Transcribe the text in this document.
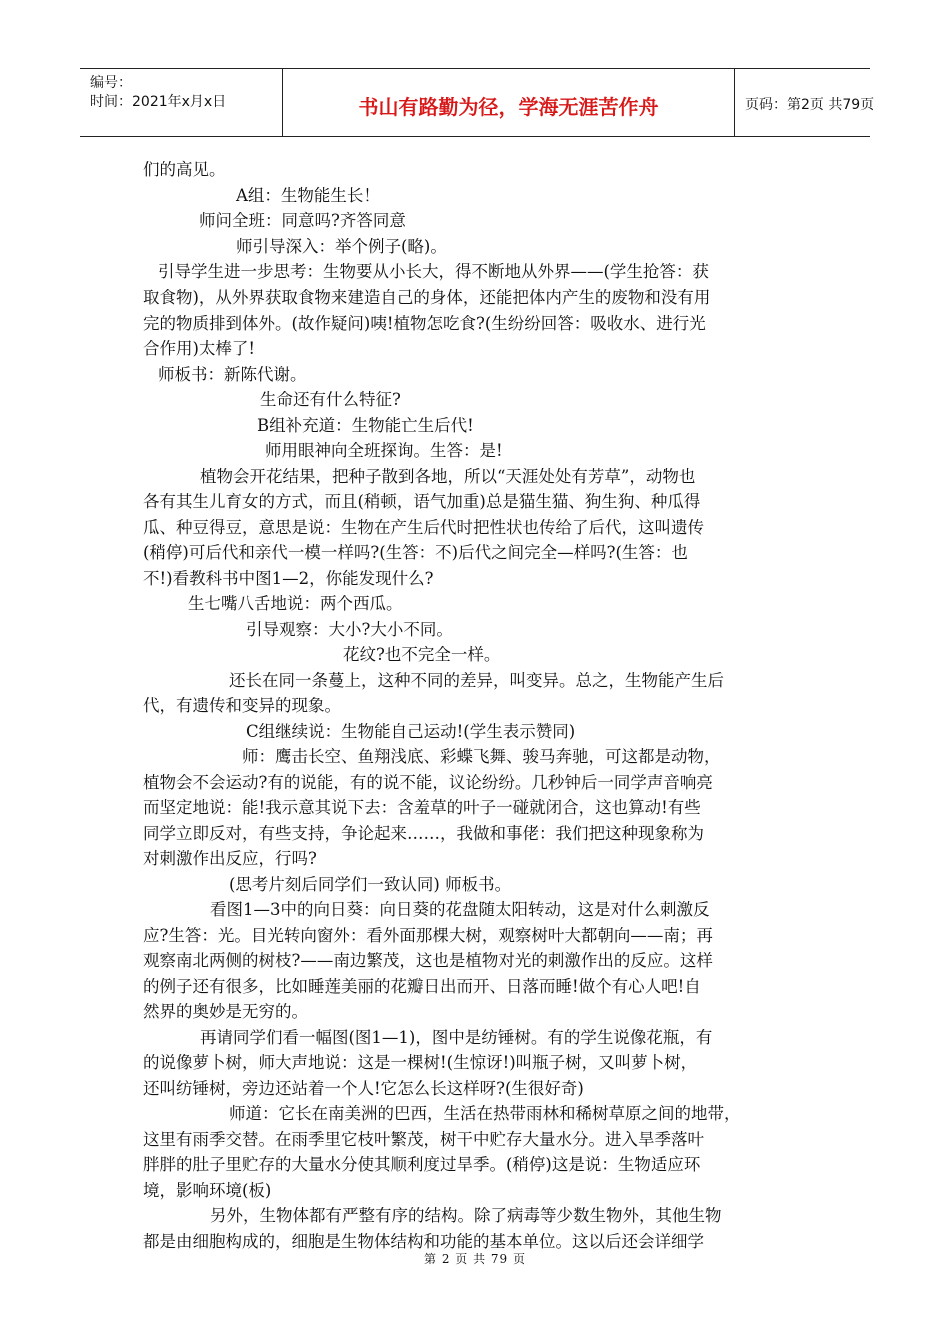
编号：
时间：2021年x月x日	书山有路勤为径，学海无涯苦作舟	页码：第2页 共79页
们的高见。
A组：生物能生长！
师问全班：同意吗?齐答同意
师引导深入：举个例子(略)。
引导学生进一步思考：生物要从小长大，得不断地从外界——(学生抢答：获
取食物)，从外界获取食物来建造自己的身体，还能把体内产生的废物和没有用
完的物质排到体外。(故作疑问)咦!植物怎吃食?(生纷纷回答：吸收水、进行光
合作用)太棒了!
师板书：新陈代谢。
生命还有什么特征?
B组补充道：生物能亡生后代!
师用眼神向全班探询。生答：是!
植物会开花结果，把种子散到各地，所以“天涯处处有芳草”，动物也
各有其生儿育女的方式，而且(稍顿，语气加重)总是猫生猫、狗生狗、种瓜得
瓜、种豆得豆，意思是说：生物在产生后代时把性状也传给了后代，这叫遗传
(稍停)可后代和亲代一模一样吗?(生答：不)后代之间完全—样吗?(生答：也
不!)看教科书中图1—2，你能发现什么?
生七嘴八舌地说：两个西瓜。
引导观察：大小?大小不同。
花纹?也不完全一样。
还长在同一条蔓上，这种不同的差异，叫变异。总之，生物能产生后
代，有遗传和变异的现象。
C组继续说：生物能自己运动!(学生表示赞同)
师：鹰击长空、鱼翔浅底、彩蝶飞舞、骏马奔驰，可这都是动物，
植物会不会运动?有的说能，有的说不能，议论纷纷。几秒钟后一同学声音响亮
而坚定地说：能!我示意其说下去：含羞草的叶子一碰就闭合，这也算动!有些
同学立即反对，有些支持，争论起来……，我做和事佬：我们把这种现象称为
对刺激作出反应，行吗?
(思考片刻后同学们一致认同) 师板书。
看图1—3中的向日葵：向日葵的花盘随太阳转动，这是对什么刺激反
应?生答：光。目光转向窗外：看外面那棵大树，观察树叶大都朝向——南；再
观察南北两侧的树枝?——南边繁茂，这也是植物对光的刺激作出的反应。这样
的例子还有很多，比如睡莲美丽的花瓣日出而开、日落而睡!做个有心人吧!自
然界的奥妙是无穷的。
再请同学们看一幅图(图1—1)，图中是纺锤树。有的学生说像花瓶，有
的说像萝卜树，师大声地说：这是一棵树!(生惊讶!)叫瓶子树，又叫萝卜树，
还叫纺锤树，旁边还站着一个人!它怎么长这样呀?(生很好奇)
师道：它长在南美洲的巴西，生活在热带雨林和稀树草原之间的地带，
这里有雨季交替。在雨季里它枝叶繁茂，树干中贮存大量水分。进入旱季落叶
胖胖的肚子里贮存的大量水分使其顺利度过旱季。(稍停)这是说：生物适应环
境，影响环境(板)
另外，生物体都有严整有序的结构。除了病毒等少数生物外，其他生物
都是由细胞构成的，细胞是生物体结构和功能的基本单位。这以后还会详细学
第 2 页 共 79 页
